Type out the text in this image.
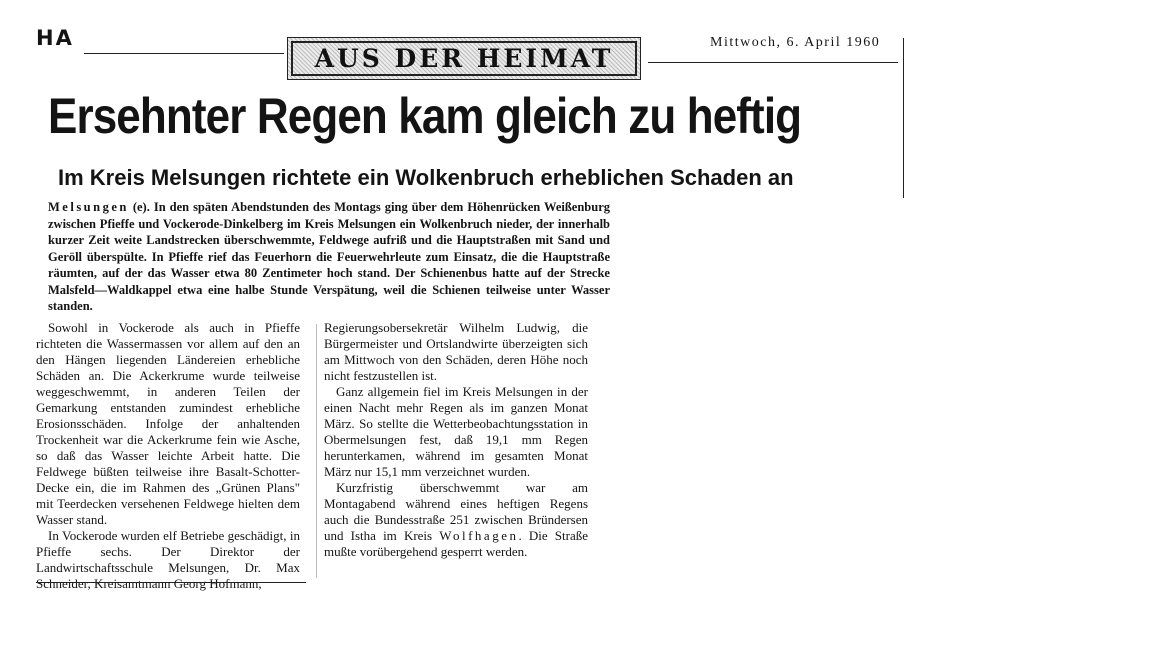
HA
AUS DER HEIMAT
Mittwoch, 6. April 1960
Ersehnter Regen kam gleich zu heftig
Im Kreis Melsungen richtete ein Wolkenbruch erheblichen Schaden an
Melsungen (e). In den späten Abendstunden des Montags ging über dem Höhenrücken Weißenburg zwischen Pfieffe und Vockerode-Dinkelberg im Kreis Melsungen ein Wolkenbruch nieder, der innerhalb kurzer Zeit weite Landstrecken überschwemmte, Feldwege aufriß und die Hauptstraßen mit Sand und Geröll überspülte. In Pfieffe rief das Feuerhorn die Feuerwehrleute zum Einsatz, die die Hauptstraße räumten, auf der das Wasser etwa 80 Zentimeter hoch stand. Der Schienenbus hatte auf der Strecke Malsfeld—Waldkappel etwa eine halbe Stunde Verspätung, weil die Schienen teilweise unter Wasser standen.

Sowohl in Vockerode als auch in Pfieffe richteten die Wassermassen vor allem auf den an den Hängen liegenden Ländereien erhebliche Schäden an. Die Ackerkrume wurde teilweise weggeschwemmt, in anderen Teilen der Gemarkung entstanden zumindest erhebliche Erosionsschäden. Infolge der anhaltenden Trockenheit war die Ackerkrume fein wie Asche, so daß das Wasser leichte Arbeit hatte. Die Feldwege büßten teilweise ihre Basalt-Schotter-Decke ein, die im Rahmen des „Grünen Plans" mit Teerdecken versehenen Feldwege hielten dem Wasser stand.

In Vockerode wurden elf Betriebe geschädigt, in Pfieffe sechs. Der Direktor der Landwirtschaftsschule Melsungen, Dr. Max Schneider, Kreisamtmann Georg Hofmann,

Regierungsobersekretär Wilhelm Ludwig, die Bürgermeister und Ortslandwirte überzeigten sich am Mittwoch von den Schäden, deren Höhe noch nicht festzustellen ist.

Ganz allgemein fiel im Kreis Melsungen in der einen Nacht mehr Regen als im ganzen Monat März. So stellte die Wetterbeobachtungsstation in Obermelsungen fest, daß 19,1 mm Regen herunterkamen, während im gesamten Monat März nur 15,1 mm verzeichnet wurden.

Kurzfristig überschwemmt war am Montagabend während eines heftigen Regens auch die Bundesstraße 251 zwischen Bründersen und Istha im Kreis Wolfhagen. Die Straße mußte vorübergehend gesperrt werden.
